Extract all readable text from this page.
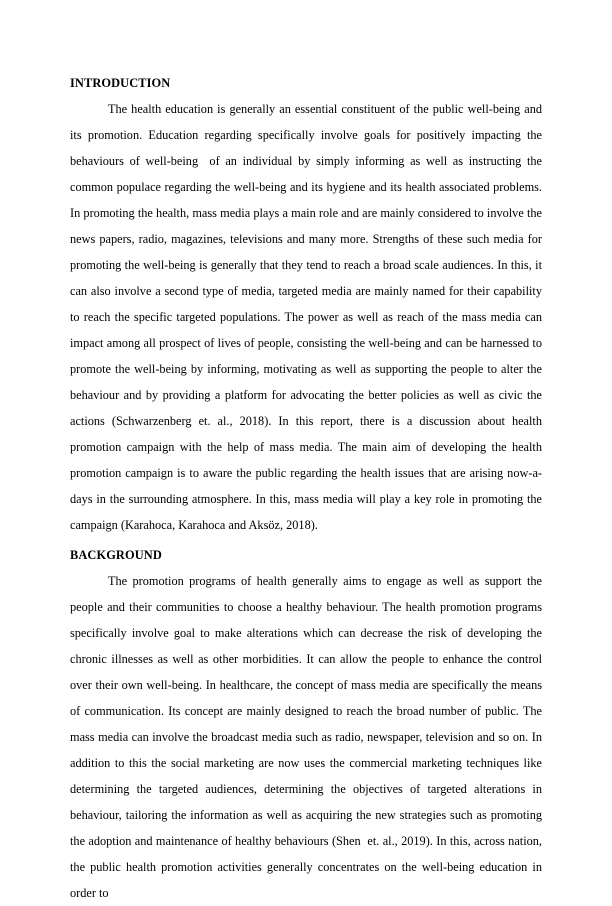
INTRODUCTION

The health education is generally an essential constituent of the public well-being and its promotion. Education regarding specifically involve goals for positively impacting the behaviours of well-being  of an individual by simply informing as well as instructing the common populace regarding the well-being and its hygiene and its health associated problems. In promoting the health, mass media plays a main role and are mainly considered to involve the news papers, radio, magazines, televisions and many more. Strengths of these such media for promoting the well-being is generally that they tend to reach a broad scale audiences. In this, it can also involve a second type of media, targeted media are mainly named for their capability to reach the specific targeted populations. The power as well as reach of the mass media can impact among all prospect of lives of people, consisting the well-being and can be harnessed to promote the well-being by informing, motivating as well as supporting the people to alter the behaviour and by providing a platform for advocating the better policies as well as civic the actions (Schwarzenberg et. al., 2018). In this report, there is a discussion about health promotion campaign with the help of mass media. The main aim of developing the health promotion campaign is to aware the public regarding the health issues that are arising now-a-days in the surrounding atmosphere. In this, mass media will play a key role in promoting the campaign (Karahoca, Karahoca and Aksöz, 2018).

BACKGROUND

The promotion programs of health generally aims to engage as well as support the people and their communities to choose a healthy behaviour. The health promotion programs specifically involve goal to make alterations which can decrease the risk of developing the chronic illnesses as well as other morbidities. It can allow the people to enhance the control over their own well-being. In healthcare, the concept of mass media are specifically the means of communication. Its concept are mainly designed to reach the broad number of public. The mass media can involve the broadcast media such as radio, newspaper, television and so on. In addition to this the social marketing are now uses the commercial marketing techniques like determining the targeted audiences, determining the objectives of targeted alterations in behaviour, tailoring the information as well as acquiring the new strategies such as promoting the adoption and maintenance of healthy behaviours (Shen  et. al., 2019). In this, across nation, the public health promotion activities generally concentrates on the well-being education in order to
